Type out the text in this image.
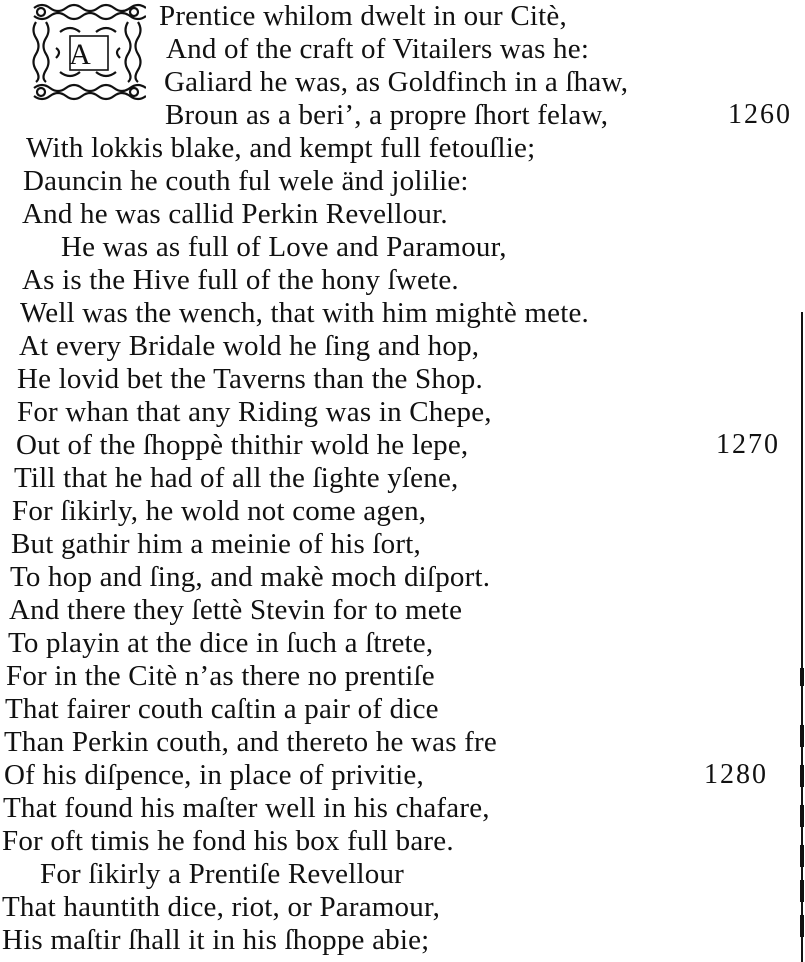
A
Prentice whilom dwelt in our Citè,
And of the craft of Vitailers was he:
Galiard he was, as Goldfinch in a ſhaw,
Broun as a beri’, a propre ſhort felaw,	1260
With lokkis blake, and kempt full fetouſlie;
Dauncin he couth ful wele änd jolilie:
And he was callid Perkin Revellour.
He was as full of Love and Paramour,
As is the Hive full of the hony ſwete.
Well was the wench, that with him mightè mete.
At every Bridale wold he ſing and hop,
He lovid bet the Taverns than the Shop.
For whan that any Riding was in Chepe,
Out of the ſhoppè thithir wold he lepe,	1270
Till that he had of all the ſighte yſene,
For ſikirly, he wold not come agen,
But gathir him a meinie of his ſort,
To hop and ſing, and makè moch diſport.
And there they ſettè Stevin for to mete
To playin at the dice in ſuch a ſtrete,
For in the Citè n’as there no prentiſe
That fairer couth caſtin a pair of dice
Than Perkin couth, and thereto he was fre
Of his diſpence, in place of privitie,	1280
That found his maſter well in his chafare,
For oft timis he fond his box full bare.
For ſikirly a Prentiſe Revellour
That hauntith dice, riot, or Paramour,
His maſtir ſhall it in his ſhoppe abie;
